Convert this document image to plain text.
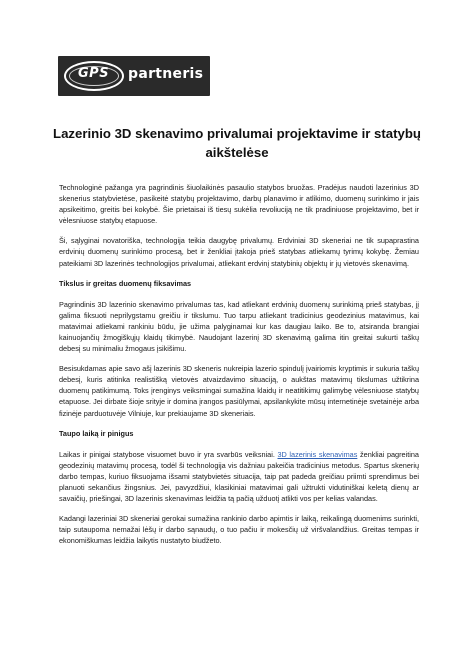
GPS partneris
Lazerinio 3D skenavimo privalumai projektavime ir statybų aikštelėse

Technologinė pažanga yra pagrindinis šiuolaikinės pasaulio statybos bruožas. Pradėjus naudoti lazerinius 3D skenerius statybvietėse, pasikeitė statybų projektavimo, darbų planavimo ir atlikimo, duomenų surinkimo ir jais apsikeitimo, greitis bei kokybė. Šie prietaisai iš tiesų sukėlia revoliuciją ne tik pradiniuose projektavimo, bet ir vėlesniuose statybų etapuose.

Ši, sąlyginai novatoriška, technologija teikia daugybę privalumų. Erdviniai 3D skeneriai ne tik supaprastina erdvinių duomenų surinkimo procesą, bet ir ženkliai įtakoja prieš statybas atliekamų tyrimų kokybę. Žemiau pateikiami 3D lazerinės technologijos privalumai, atliekant erdvinį statybinių objektų ir jų vietovės skenavimą.

Tikslus ir greitas duomenų fiksavimas

Pagrindinis 3D lazerinio skenavimo privalumas tas, kad atliekant erdvinių duomenų surinkimą prieš statybas, jį galima fiksuoti neprilygstamu greičiu ir tikslumu. Tuo tarpu atliekant tradicinius geodezinius matavimus, kai matavimai atliekami rankiniu būdu, jie užima palyginamai kur kas daugiau laiko. Be to, atsiranda brangiai kainuojančių žmogiškųjų klaidų tikimybė. Naudojant lazerinį 3D skenavimą galima itin greitai sukurti taškų debesį su minimaliu žmogaus įsikišimu.

Besisukdamas apie savo ašį lazerinis 3D skeneris nukreipia lazerio spindulį įvairiomis kryptimis ir sukuria taškų debesį, kuris atitinka realistišką vietovės atvaizdavimo situaciją, o aukštas matavimų tikslumas užtikrina duomenų patikimumą. Toks įrenginys veiksmingai sumažina klaidų ir neatitikimų galimybę vėlesniuose statybų etapuose. Jei dirbate šioje srityje ir domina įrangos pasiūlymai, apsilankykite mūsų internetinėje svetainėje arba fizinėje parduotuvėje Vilniuje, kur prekiaujame 3D skeneriais.

Taupo laiką ir pinigus

Laikas ir pinigai statybose visuomet buvo ir yra svarbūs veiksniai. 3D lazerinis skenavimas ženkliai pagreitina geodezinių matavimų procesą, todėl ši technologija vis dažniau pakeičia tradicinius metodus. Spartus skenerių darbo tempas, kuriuo fiksuojama išsami statybvietės situacija, taip pat padeda greičiau priimti sprendimus bei planuoti sekančius žingsnius. Jei, pavyzdžiui, klasikiniai matavimai gali užtrukti vidutiniškai keletą dienų ar savaičių, priešingai, 3D lazerinis skenavimas leidžia tą pačią užduotį atlikti vos per kelias valandas.

Kadangi lazeriniai 3D skeneriai gerokai sumažina rankinio darbo apimtis ir laiką, reikalingą duomenims surinkti, taip sutaupoma nemažai lėšų ir darbo sąnaudų, o tuo pačiu ir mokesčių už viršvalandžius. Greitas tempas ir ekonomiškumas leidžia laikytis nustatyto biudžeto.
